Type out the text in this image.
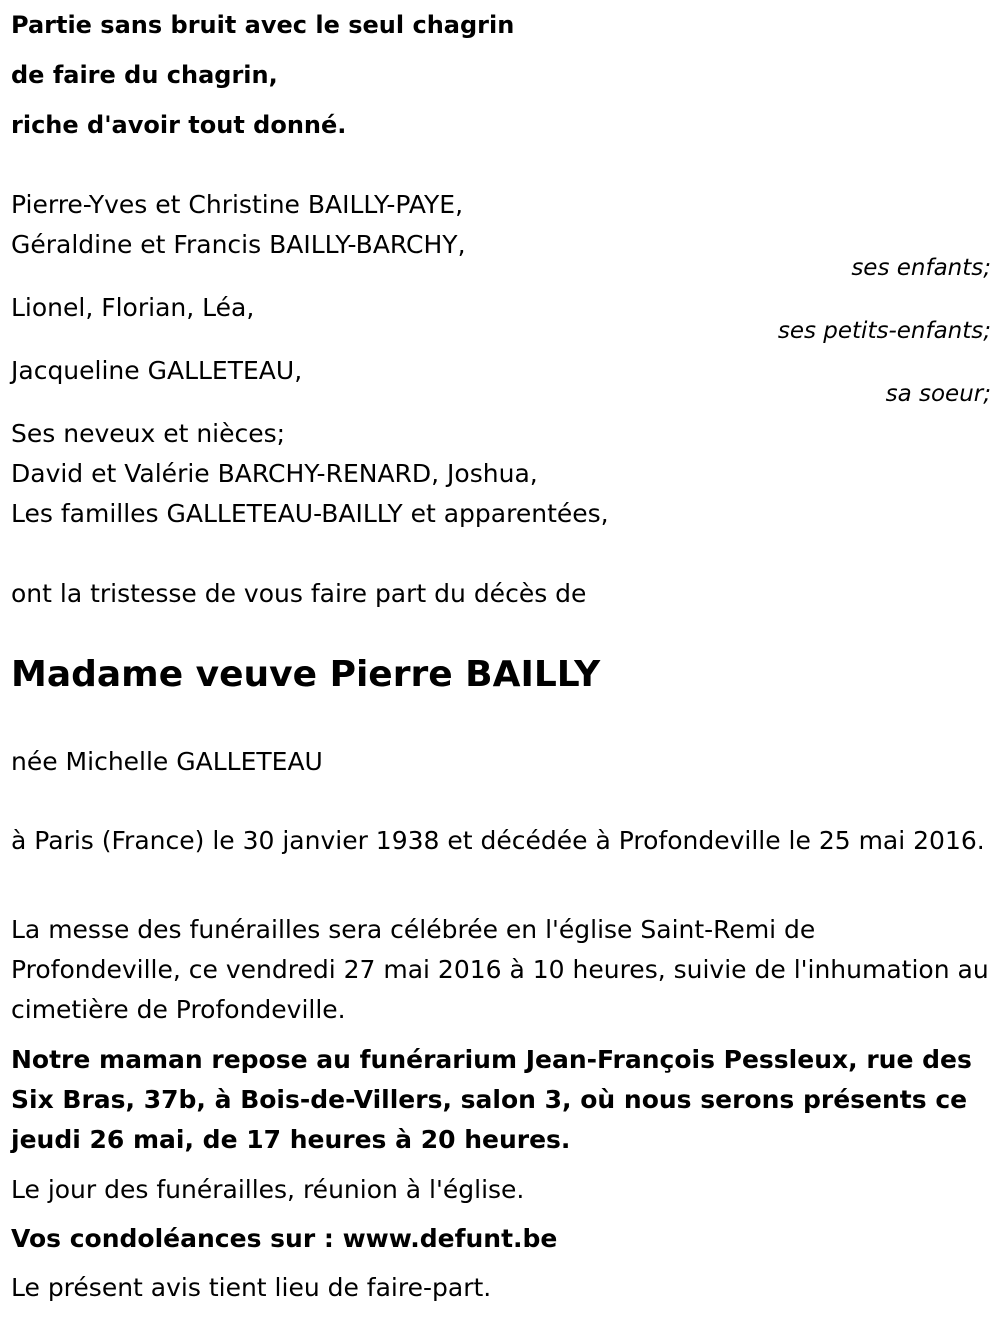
Partie sans bruit avec le seul chagrin
de faire du chagrin,
riche d'avoir tout donné.
Pierre-Yves et Christine BAILLY-PAYE,
Géraldine et Francis BAILLY-BARCHY,
ses enfants;
Lionel, Florian, Léa,
ses petits-enfants;
Jacqueline GALLETEAU,
sa soeur;
Ses neveux et nièces;
David et Valérie BARCHY-RENARD, Joshua,
Les familles GALLETEAU-BAILLY et apparentées,
ont la tristesse de vous faire part du décès de
Madame veuve Pierre BAILLY
née Michelle GALLETEAU
à Paris (France) le 30 janvier 1938 et décédée à Profondeville le 25 mai 2016.
La messe des funérailles sera célébrée en l'église Saint-Remi de Profondeville, ce vendredi 27 mai 2016 à 10 heures, suivie de l'inhumation au cimetière de Profondeville.
Notre maman repose au funérarium Jean-François Pessleux, rue des Six Bras, 37b, à Bois-de-Villers, salon 3, où nous serons présents ce jeudi 26 mai, de 17 heures à 20 heures.
Le jour des funérailles, réunion à l'église.
Vos condoléances sur : www.defunt.be
Le présent avis tient lieu de faire-part.
